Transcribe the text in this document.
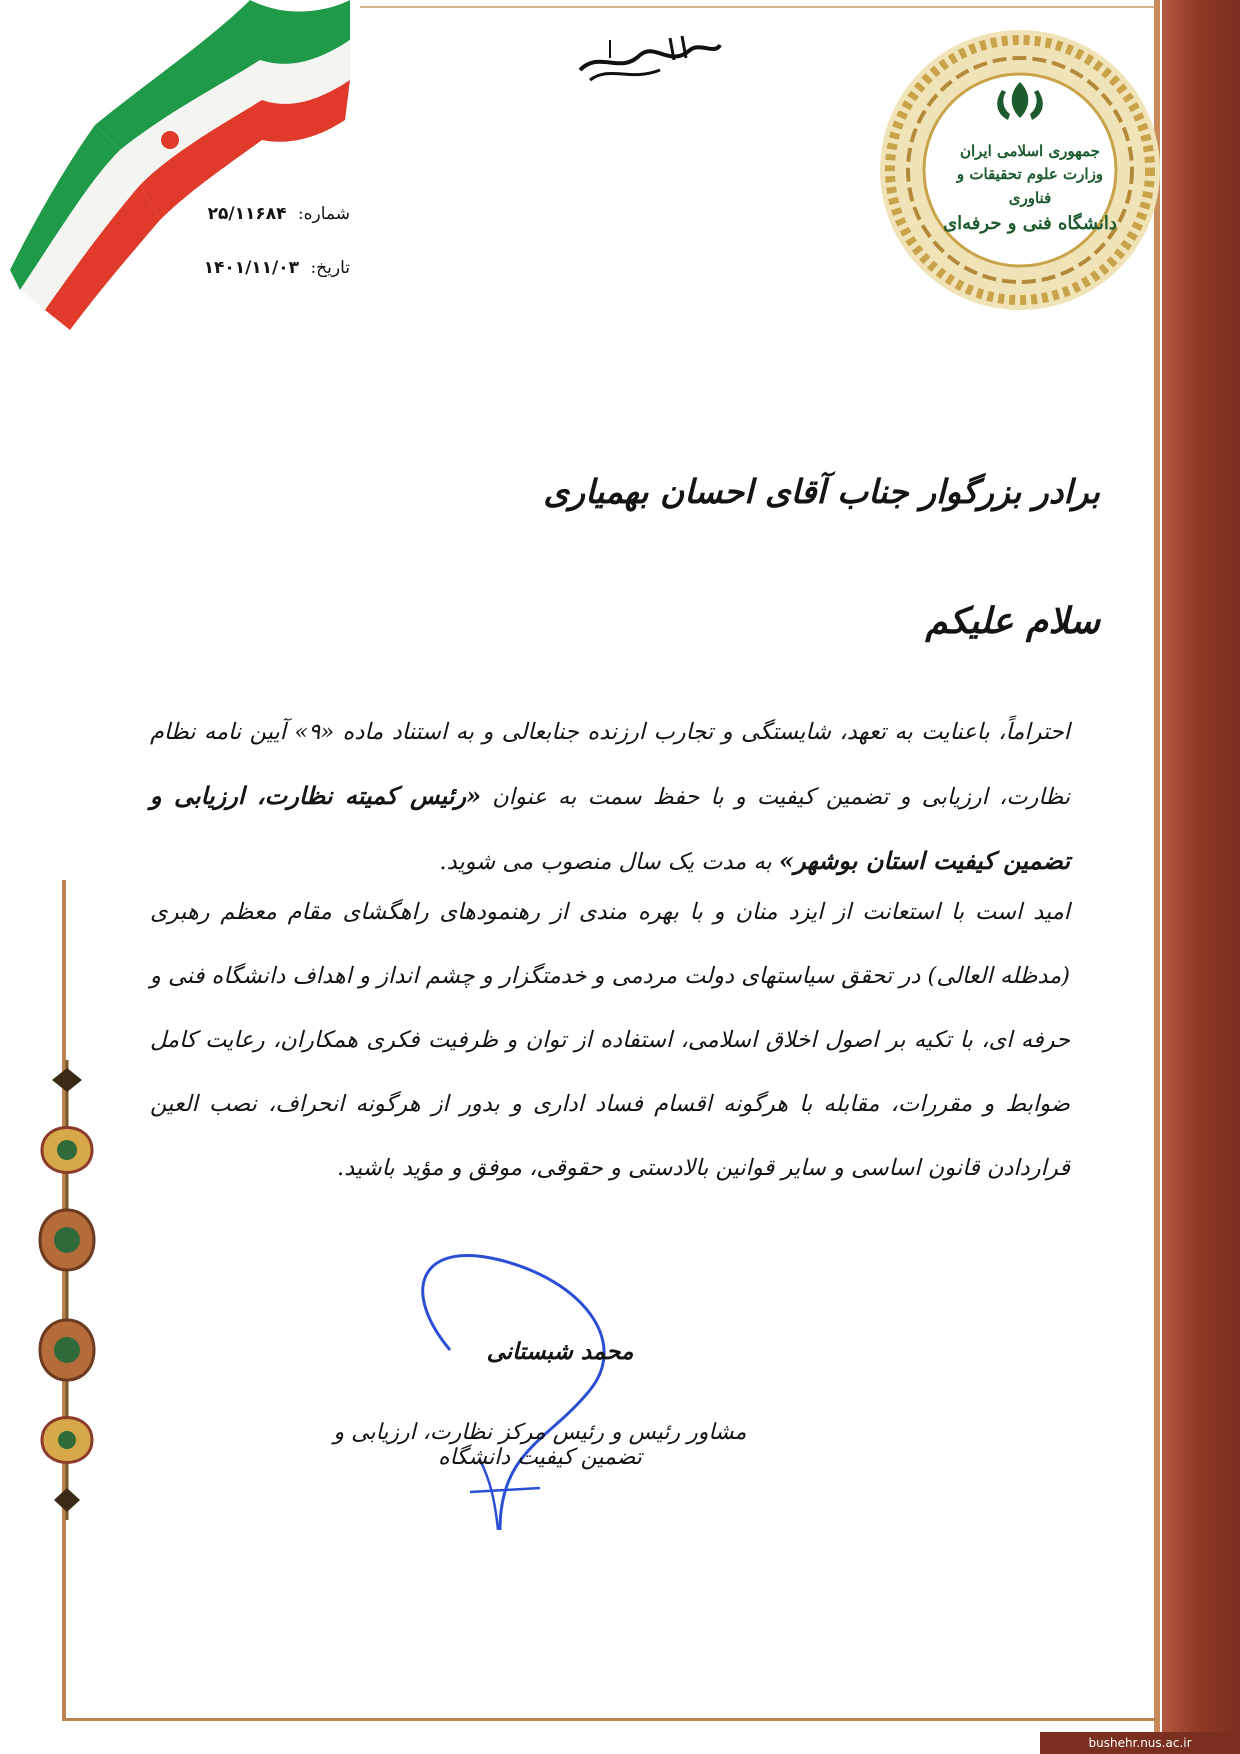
جمهوری اسلامی ایران
وزارت علوم تحقیقات و فناوری
دانشگاه فنی و حرفه‌ای
شماره: ۲۵/۱۱۶۸۴
تاریخ: ۱۴۰۱/۱۱/۰۳
برادر بزرگوار جناب آقای احسان بهمیاری
سلام علیکم
احتراماً، باعنایت به تعهد، شایستگی و تجارب ارزنده جنابعالی و به استناد ماده «۹» آیین نامه نظام نظارت، ارزیابی و تضمین کیفیت و با حفظ سمت به عنوان «رئیس کمیته نظارت، ارزیابی و تضمین کیفیت استان بوشهر» به مدت یک سال منصوب می شوید.
امید است با استعانت از ایزد منان و با بهره مندی از رهنمودهای راهگشای مقام معظم رهبری (مدظله العالی) در تحقق سیاستهای دولت مردمی و خدمتگزار و چشم انداز و اهداف دانشگاه فنی و حرفه ای، با تکیه بر اصول اخلاق اسلامی، استفاده از توان و ظرفیت فکری همکاران، رعایت کامل ضوابط و مقررات، مقابله با هرگونه اقسام فساد اداری و بدور از هرگونه انحراف، نصب العین قراردادن قانون اساسی و سایر قوانین بالادستی و حقوقی، موفق و مؤید باشید.
محمد شبستانی
مشاور رئیس و رئیس مرکز نظارت، ارزیابی و تضمین کیفیت دانشگاه
bushehr.nus.ac.ir
